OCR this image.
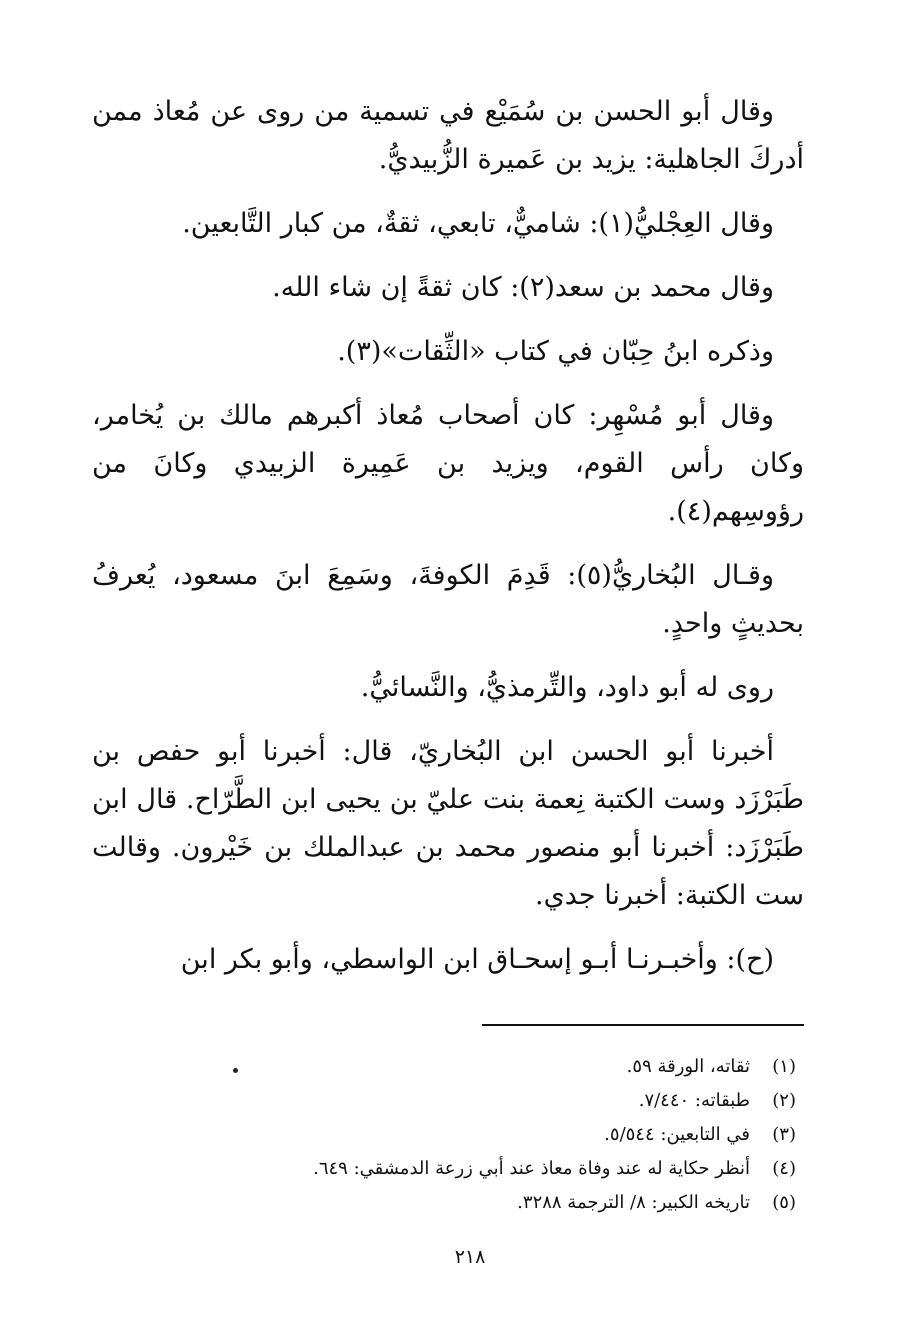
وقال أبو الحسن بن سُمَيْع في تسمية من روى عن مُعاذ ممن أدركَ الجاهلية: يزيد بن عَميرة الزُّبيديُّ.

وقال العِجْليُّ(١): شاميٌّ، تابعي، ثقةٌ، من كبار التَّابعين.

وقال محمد بن سعد(٢): كان ثقةً إن شاء الله.

وذكره ابنُ حِبّان في كتاب «الثِّقات»(٣).

وقال أبو مُسْهِر: كان أصحاب مُعاذ أكبرهم مالك بن يُخامر، وكان رأس القوم، ويزيد بن عَمِيرة الزبيدي وكانَ من رؤوسِهم(٤).

وقـال البُخاريُّ(٥): قَدِمَ الكوفةَ، وسَمِعَ ابنَ مسعود، يُعرفُ بحديثٍ واحدٍ.

روى له أبو داود، والتِّرمذيُّ، والنَّسائيُّ.

أخبرنا أبو الحسن ابن البُخاريّ، قال: أخبرنا أبو حفص بن طَبَرْزَد وست الكتبة نِعمة بنت عليّ بن يحيى ابن الطَّرّاح. قال ابن طَبَرْزَد: أخبرنا أبو منصور محمد بن عبدالملك بن خَيْرون. وقالت ست الكتبة: أخبرنا جدي.

(ح): وأخبـرنـا أبـو إسحـاق ابن الواسطي، وأبو بكر ابن

(١)
ثقاته، الورقة ٥٩.
(٢)
طبقاته: ٧/٤٤٠.
(٣)
في التابعين: ٥/٥٤٤.
(٤)
أنظر حكاية له عند وفاة معاذ عند أبي زرعة الدمشقي: ٦٤٩.
(٥)
تاريخه الكبير: ٨/ الترجمة ٣٢٨٨.
٢١٨
